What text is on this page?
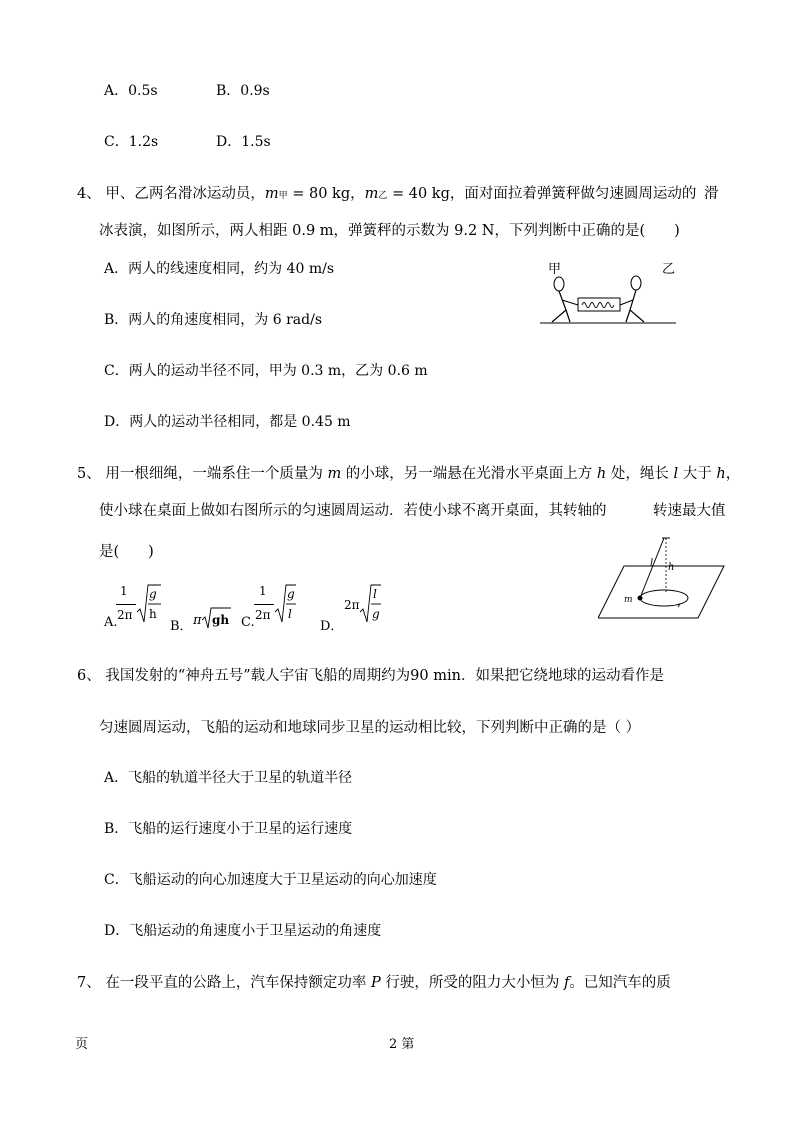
A．0.5s	B．0.9s
C．1.2s	D．1.5s
4、 甲、乙两名滑冰运动员，m甲 = 80 kg，m乙 = 40 kg，面对面拉着弹簧秤做匀速圆周运动的 滑
冰表演，如图所示，两人相距 0.9 m，弹簧秤的示数为 9.2 N，下列判断中正确的是(　　)
A．两人的线速度相同，约为 40 m/s
B．两人的角速度相同，为 6 rad/s
C．两人的运动半径不同，甲为 0.3 m，乙为 0.6 m
D．两人的运动半径相同，都是 0.45 m
甲	乙
5、 用一根细绳，一端系住一个质量为 m 的小球，另一端悬在光滑水平桌面上方 h 处，绳长 l 大于 h，
使小球在桌面上做如右图所示的匀速圆周运动．若使小球不离开桌面，其转轴的	转速最大值
是(　　)
A.
1
2π
g
h
B． π gh C.
1
2π
g
l
D．
2π
l
g
l h
m
6、 我国发射的“神舟五号”载人宇宙飞船的周期约为90 min．如果把它绕地球的运动看作是
匀速圆周运动，飞船的运动和地球同步卫星的运动相比较，下列判断中正确的是（ ）
A．飞船的轨道半径大于卫星的轨道半径
B．飞船的运行速度小于卫星的运行速度
C．飞船运动的向心加速度大于卫星运动的向心加速度
D．飞船运动的角速度小于卫星运动的角速度
7、 在一段平直的公路上，汽车保持额定功率 P 行驶，所受的阻力大小恒为 f。已知汽车的质
页	2 第
